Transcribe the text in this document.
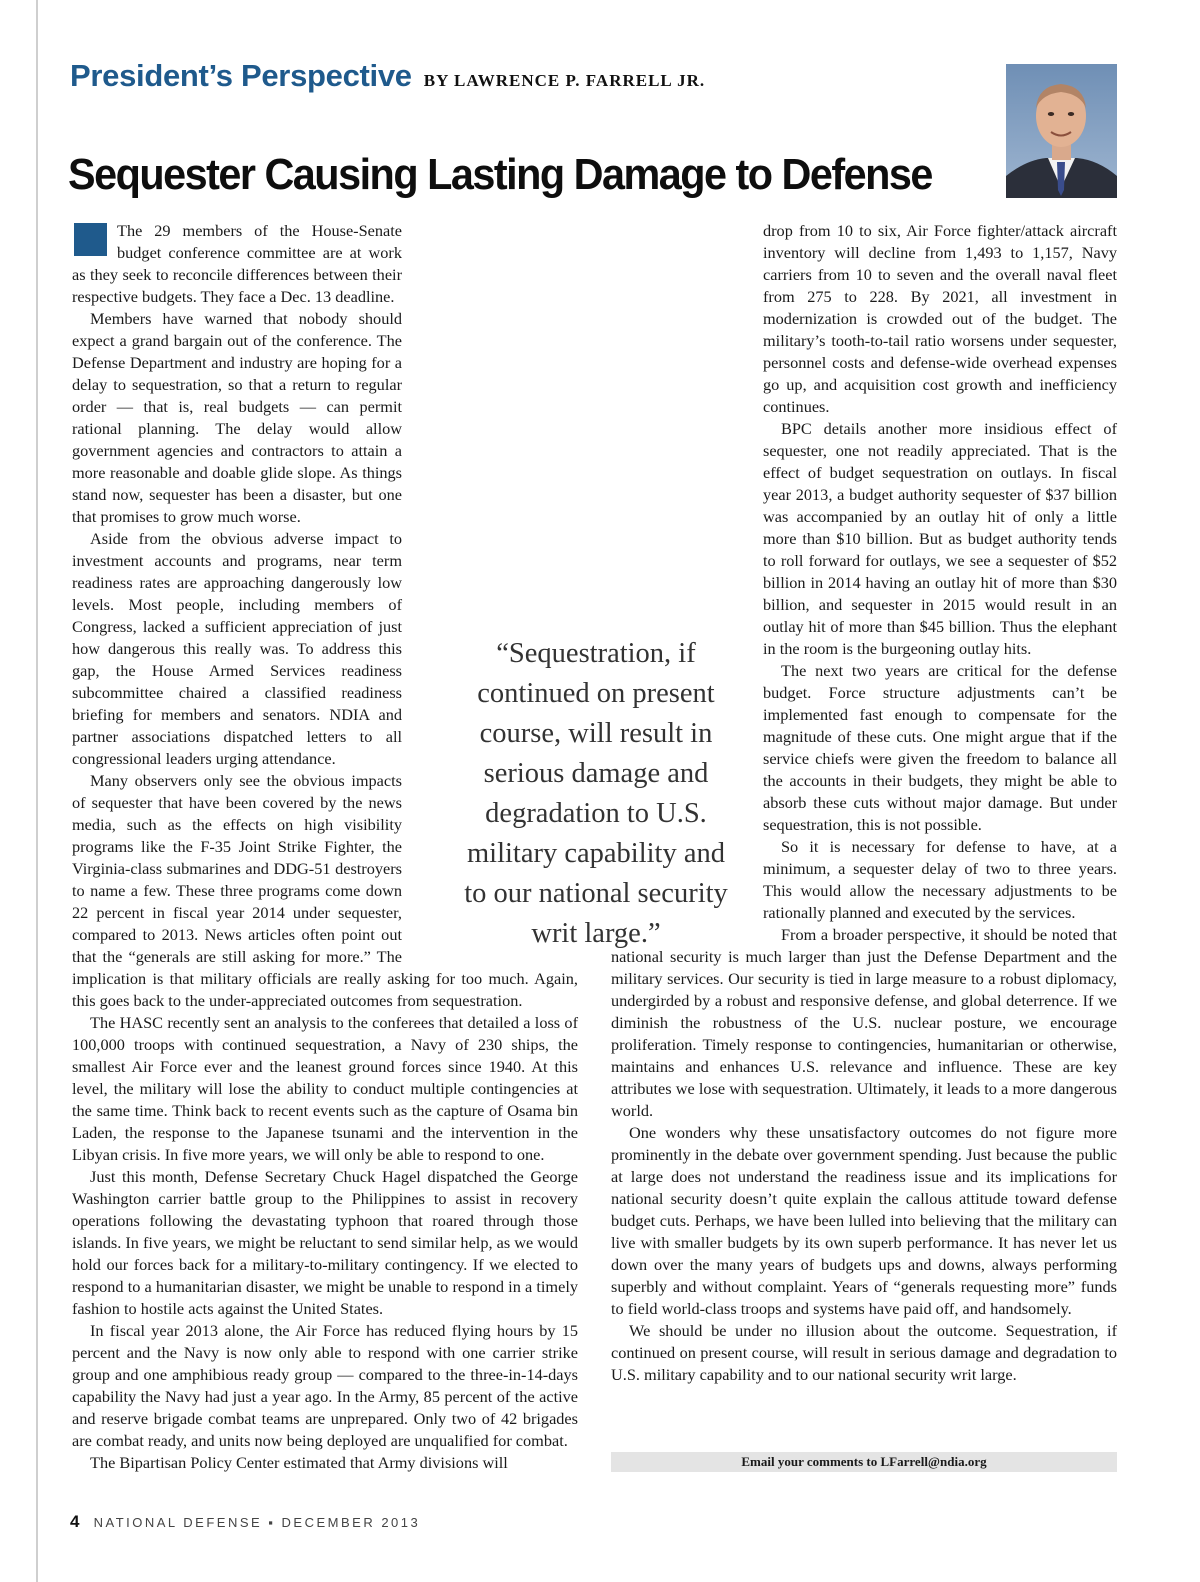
President’s Perspective BY LAWRENCE P. FARRELL JR.
Sequester Causing Lasting Damage to Defense

The 29 members of the House-Senate budget conference committee are at work as they seek to reconcile differences between their respective budgets. They face a Dec. 13 deadline.

Members have warned that nobody should expect a grand bargain out of the conference. The Defense Department and industry are hoping for a delay to sequestration, so that a return to regular order — that is, real budgets — can permit rational planning. The delay would allow government agencies and contractors to attain a more reasonable and doable glide slope. As things stand now, sequester has been a disaster, but one that promises to grow much worse.

Aside from the obvious adverse impact to investment accounts and programs, near term readiness rates are approaching dangerously low levels. Most people, including members of Congress, lacked a sufficient appreciation of just how dangerous this really was. To address this gap, the House Armed Services readiness subcommittee chaired a classified readiness briefing for members and senators. NDIA and partner associations dispatched letters to all congressional leaders urging attendance.

Many observers only see the obvious impacts of sequester that have been covered by the news media, such as the effects on high visibility programs like the F-35 Joint Strike Fighter, the Virginia-class submarines and DDG-51 destroyers to name a few. These three programs come down 22 percent in fiscal year 2014 under sequester, compared to 2013. News articles often point out that the “generals are still asking for more.” The implication is that military officials are really asking for too much. Again, this goes back to the under-appreciated outcomes from sequestration.

The HASC recently sent an analysis to the conferees that detailed a loss of 100,000 troops with continued sequestration, a Navy of 230 ships, the smallest Air Force ever and the leanest ground forces since 1940. At this level, the military will lose the ability to conduct multiple contingencies at the same time. Think back to recent events such as the capture of Osama bin Laden, the response to the Japanese tsunami and the intervention in the Libyan crisis. In five more years, we will only be able to respond to one.

Just this month, Defense Secretary Chuck Hagel dispatched the George Washington carrier battle group to the Philippines to assist in recovery operations following the devastating typhoon that roared through those islands. In five years, we might be reluctant to send similar help, as we would hold our forces back for a military-to-military contingency. If we elected to respond to a humanitarian disaster, we might be unable to respond in a timely fashion to hostile acts against the United States.

In fiscal year 2013 alone, the Air Force has reduced flying hours by 15 percent and the Navy is now only able to respond with one carrier strike group and one amphibious ready group — compared to the three-in-14-days capability the Navy had just a year ago. In the Army, 85 percent of the active and reserve brigade combat teams are unprepared. Only two of 42 brigades are combat ready, and units now being deployed are unqualified for combat.

The Bipartisan Policy Center estimated that Army divisions will

drop from 10 to six, Air Force fighter/attack aircraft inventory will decline from 1,493 to 1,157, Navy carriers from 10 to seven and the overall naval fleet from 275 to 228. By 2021, all investment in modernization is crowded out of the budget. The military’s tooth-to-tail ratio worsens under sequester, personnel costs and defense-wide overhead expenses go up, and acquisition cost growth and inefficiency continues.

BPC details another more insidious effect of sequester, one not readily appreciated. That is the effect of budget sequestration on outlays. In fiscal year 2013, a budget authority sequester of $37 billion was accompanied by an outlay hit of only a little more than $10 billion. But as budget authority tends to roll forward for outlays, we see a sequester of $52 billion in 2014 having an outlay hit of more than $30 billion, and sequester in 2015 would result in an outlay hit of more than $45 billion. Thus the elephant in the room is the burgeoning outlay hits.

The next two years are critical for the defense budget. Force structure adjustments can’t be implemented fast enough to compensate for the magnitude of these cuts. One might argue that if the service chiefs were given the freedom to balance all the accounts in their budgets, they might be able to absorb these cuts without major damage. But under sequestration, this is not possible.

So it is necessary for defense to have, at a minimum, a sequester delay of two to three years. This would allow the necessary adjustments to be rationally planned and executed by the services.

From a broader perspective, it should be noted that national security is much larger than just the Defense Department and the military services. Our security is tied in large measure to a robust diplomacy, undergirded by a robust and responsive defense, and global deterrence. If we diminish the robustness of the U.S. nuclear posture, we encourage proliferation. Timely response to contingencies, humanitarian or otherwise, maintains and enhances U.S. relevance and influence. These are key attributes we lose with sequestration. Ultimately, it leads to a more dangerous world.

One wonders why these unsatisfactory outcomes do not figure more prominently in the debate over government spending. Just because the public at large does not understand the readiness issue and its implications for national security doesn’t quite explain the callous attitude toward defense budget cuts. Perhaps, we have been lulled into believing that the military can live with smaller budgets by its own superb performance. It has never let us down over the many years of budgets ups and downs, always performing superbly and without complaint. Years of “generals requesting more” funds to field world-class troops and systems have paid off, and handsomely.

We should be under no illusion about the outcome. Sequestration, if continued on present course, will result in serious damage and degradation to U.S. military capability and to our national security writ large.

“Sequestration, if continued on present course, will result in serious damage and degradation to U.S. military capability and to our national security writ large.”
Email your comments to LFarrell@ndia.org
4 NATIONAL DEFENSE ▪ DECEMBER 2013
